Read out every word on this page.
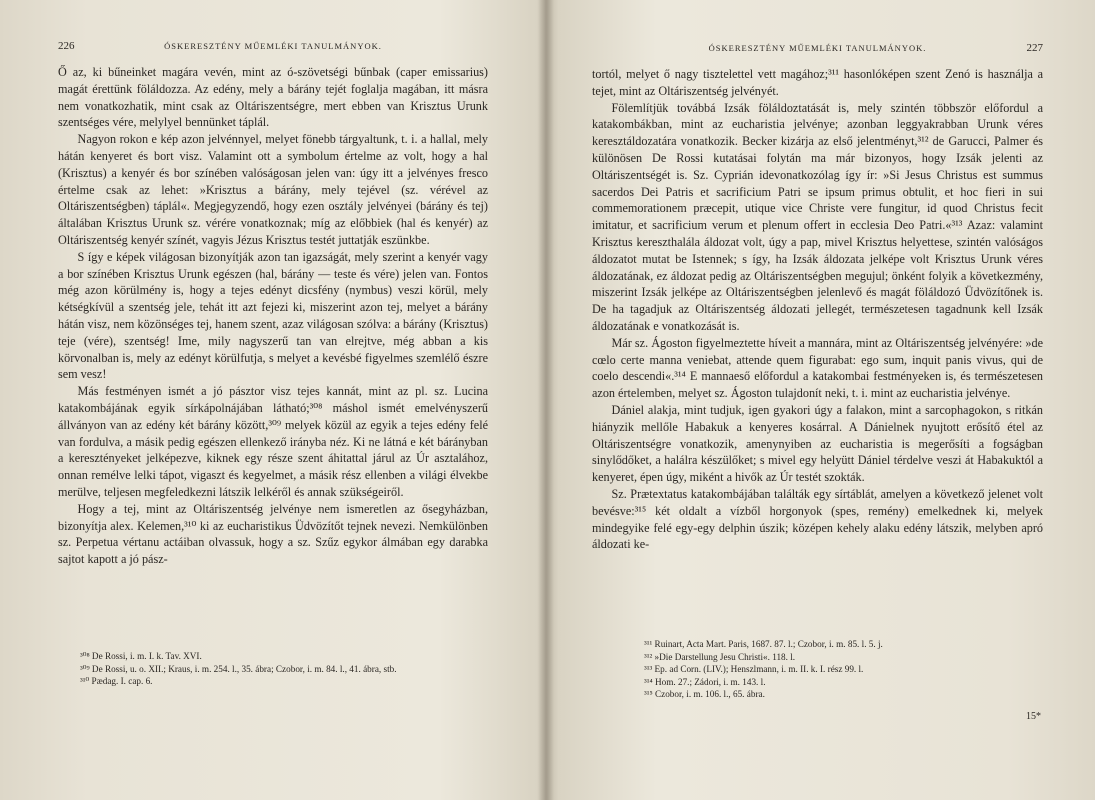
226	ÓSKERESZTÉNY MŰEMLÉKI TANULMÁNYOK.

Ő az, ki bűneinket magára vevén, mint az ó-szövetségi bűnbak (caper emissarius) magát érettünk föláldozza. Az edény, mely a bárány tejét foglalja magában, itt másra nem vonatkozhatik, mint csak az Oltáriszentségre, mert ebben van Krisztus Urunk szentséges vére, melylyel bennünket táplál.

Nagyon rokon e kép azon jelvénnyel, melyet fönebb tárgyaltunk, t. i. a hallal, mely hátán kenyeret és bort visz. Valamint ott a symbolum értelme az volt, hogy a hal (Krisztus) a kenyér és bor színében valóságosan jelen van: úgy itt a jelvényes fresco értelme csak az lehet: »Krisztus a bárány, mely tejével (sz. vérével az Oltáriszentségben) táplál«. Megjegyzendő, hogy ezen osztály jelvényei (bárány és tej) általában Krisztus Urunk sz. vérére vonatkoznak; míg az előbbiek (hal és kenyér) az Oltáriszentség kenyér színét, vagyis Jézus Krisztus testét juttatják eszünkbe.

S így e képek világosan bizonyítják azon tan igazságát, mely szerint a kenyér vagy a bor színében Krisztus Urunk egészen (hal, bárány — teste és vére) jelen van. Fontos még azon körülmény is, hogy a tejes edényt dicsfény (nymbus) veszi körül, mely kétségkívül a szentség jele, tehát itt azt fejezi ki, miszerint azon tej, melyet a bárány hátán visz, nem közönséges tej, hanem szent, azaz világosan szólva: a bárány (Krisztus) teje (vére), szentség! Ime, mily nagyszerű tan van elrejtve, még abban a kis körvonalban is, mely az edényt körülfutja, s melyet a kevésbé figyelmes szemlélő észre sem vesz!

Más festményen ismét a jó pásztor visz tejes kannát, mint az pl. sz. Lucina katakombájának egyik sírkápolnájában látható;³⁰⁸ máshol ismét emelvényszerű állványon van az edény két bárány között,³⁰⁹ melyek közül az egyik a tejes edény felé van fordulva, a másik pedig egészen ellenkező irányba néz. Ki ne látná e két bárányban a keresztényeket jelképezve, kiknek egy része szent áhitattal járul az Úr asztalához, onnan remélve lelki tápot, vigaszt és kegyelmet, a másik rész ellenben a világi élvekbe merülve, teljesen megfeledkezni látszik lelkéről és annak szükségeiről.

Hogy a tej, mint az Oltáriszentség jelvénye nem ismeretlen az ősegyházban, bizonyítja alex. Kelemen,³¹⁰ ki az eucharistikus Üdvözítőt tejnek nevezi. Nemkülönben sz. Perpetua vértanu actáiban olvassuk, hogy a sz. Szűz egykor álmában egy darabka sajtot kapott a jó pász-

³⁰⁸ De Rossi, i. m. I. k. Tav. XVI.
³⁰⁹ De Rossi, u. o. XII.; Kraus, i. m. 254. l., 35. ábra; Czobor, i. m. 84. l., 41. ábra, stb.
³¹⁰ Pædag. I. cap. 6.
ÓSKERESZTÉNY MŰEMLÉKI TANULMÁNYOK.	227

tortól, melyet ő nagy tisztelettel vett magához;³¹¹ hasonlóképen szent Zenó is használja a tejet, mint az Oltáriszentség jelvényét.

Fölemlítjük továbbá Izsák föláldoztatását is, mely szintén többször előfordul a katakombákban, mint az eucharistia jelvénye; azonban leggyakrabban Urunk véres keresztáldozatára vonatkozik. Becker kizárja az első jelentményt,³¹² de Garucci, Palmer és különösen De Rossi kutatásai folytán ma már bizonyos, hogy Izsák jelenti az Oltáriszentségét is. Sz. Cyprián idevonatkozólag így ír: »Si Jesus Christus est summus sacerdos Dei Patris et sacrificium Patri se ipsum primus obtulit, et hoc fieri in sui commemorationem præcepit, utique vice Christe vere fungitur, id quod Christus fecit imitatur, et sacrificium verum et plenum offert in ecclesia Deo Patri.«³¹³ Azaz: valamint Krisztus kereszthalála áldozat volt, úgy a pap, mivel Krisztus helyettese, szintén valóságos áldozatot mutat be Istennek; s így, ha Izsák áldozata jelképe volt Krisztus Urunk véres áldozatának, ez áldozat pedig az Oltáriszentségben megujul; önként folyik a következmény, miszerint Izsák jelképe az Oltáriszentségben jelenlevő és magát föláldozó Üdvözítőnek is. De ha tagadjuk az Oltáriszentség áldozati jellegét, természetesen tagadnunk kell Izsák áldozatának e vonatkozását is.

Már sz. Ágoston figyelmeztette híveit a mannára, mint az Oltáriszentség jelvényére: »de cœlo certe manna veniebat, attende quem figurabat: ego sum, inquit panis vivus, qui de coelo descendi«.³¹⁴ E mannaeső előfordul a katakombai festményeken is, és természetesen azon értelemben, melyet sz. Ágoston tulajdonít neki, t. i. mint az eucharistia jelvénye.

Dániel alakja, mint tudjuk, igen gyakori úgy a falakon, mint a sarcophagokon, s ritkán hiányzik mellőle Habakuk a kenyeres kosárral. A Dánielnek nyujtott erősítő étel az Oltáriszentségre vonatkozik, amenynyiben az eucharistia is megerősíti a fogságban sinylődőket, a halálra készülőket; s mivel egy helyütt Dániel térdelve veszi át Habakuktól a kenyeret, épen úgy, miként a hivők az Úr testét szokták.

Sz. Prætextatus katakombájában találták egy sírtáblát, amelyen a következő jelenet volt bevésve:³¹⁵ két oldalt a vízből horgonyok (spes, remény) emelkednek ki, melyek mindegyike felé egy-egy delphin úszik; középen kehely alaku edény látszik, melyben apró áldozati ke-

³¹¹ Ruinart, Acta Mart. Paris, 1687. 87. l.; Czobor, i. m. 85. l. 5. j.
³¹² »Die Darstellung Jesu Christi«. 118. l.
³¹³ Ep. ad Corn. (LIV.); Henszlmann, i. m. II. k. I. rész 99. l.
³¹⁴ Hom. 27.; Zádori, i. m. 143. l.
³¹⁵ Czobor, i. m. 106. l., 65. ábra.
15*
